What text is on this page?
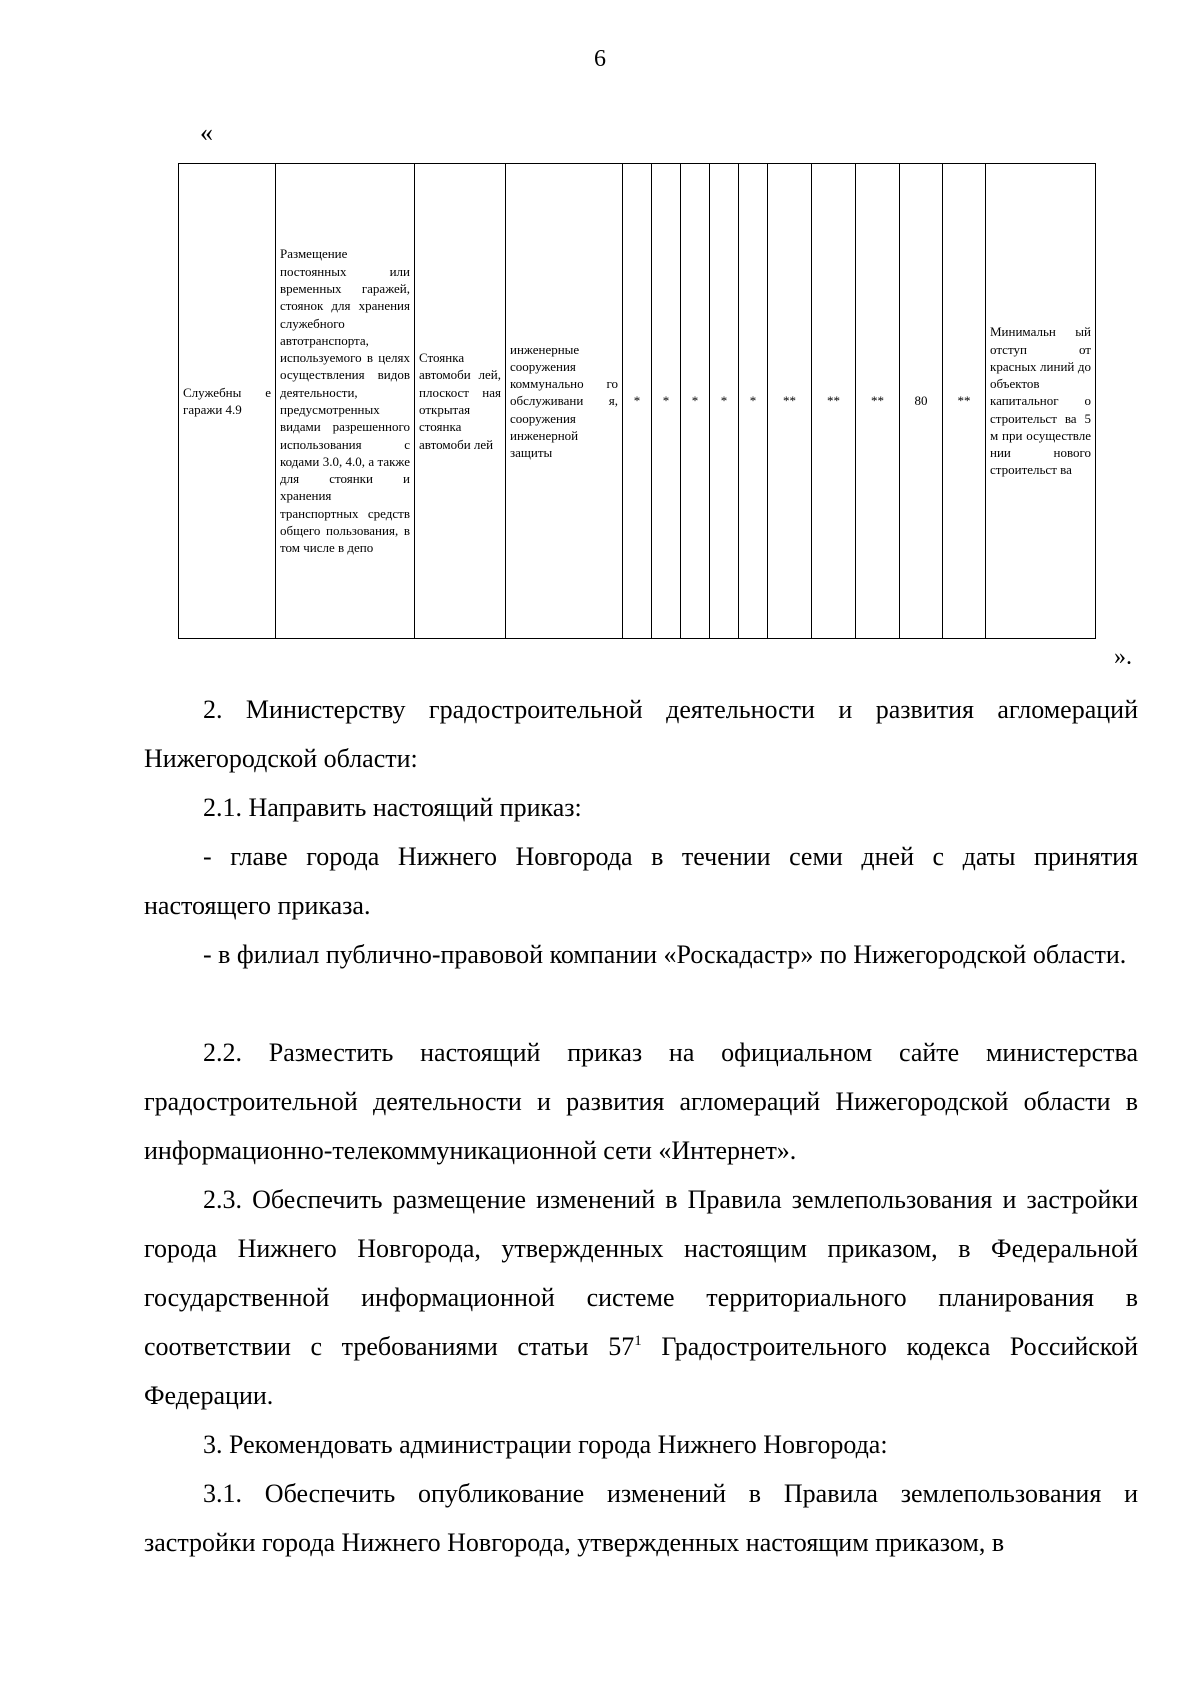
6
«
Служебны е гаражи 4.9	Размещение постоянных или временных гаражей, стоянок для хранения служебного автотранспорта, используемого в целях осуществления видов деятельности, предусмотренных видами разрешенного использования с кодами 3.0, 4.0, а также для стоянки и хранения транспортных средств общего пользования, в том числе в депо	Стоянка автомоби лей, плоскост ная открытая стоянка автомоби лей	инженерные сооружения коммунально го обслуживани я, сооружения инженерной защиты	*	*	*	*	*	**	**	**	80	**	Минимальн ый отступ от красных линий до объектов капитальног о строительст ва 5 м при осуществле нии нового строительст ва
».

2. Министерству градостроительной деятельности и развития агломераций Нижегородской области:

2.1. Направить настоящий приказ:

- главе города Нижнего Новгорода в течении семи дней с даты принятия настоящего приказа.

- в филиал публично-правовой компании «Роскадастр» по Нижегородской области.

2.2. Разместить настоящий приказ на официальном сайте министерства градостроительной деятельности и развития агломераций Нижегородской области в информационно-телекоммуникационной сети «Интернет».

2.3. Обеспечить размещение изменений в Правила землепользования и застройки города Нижнего Новгорода, утвержденных настоящим приказом, в Федеральной государственной информационной системе территориального планирования в соответствии с требованиями статьи $57^1$ Градостроительного кодекса Российской Федерации.

3. Рекомендовать администрации города Нижнего Новгорода:

3.1. Обеспечить опубликование изменений в Правила землепользования и застройки города Нижнего Новгорода, утвержденных настоящим приказом, в
